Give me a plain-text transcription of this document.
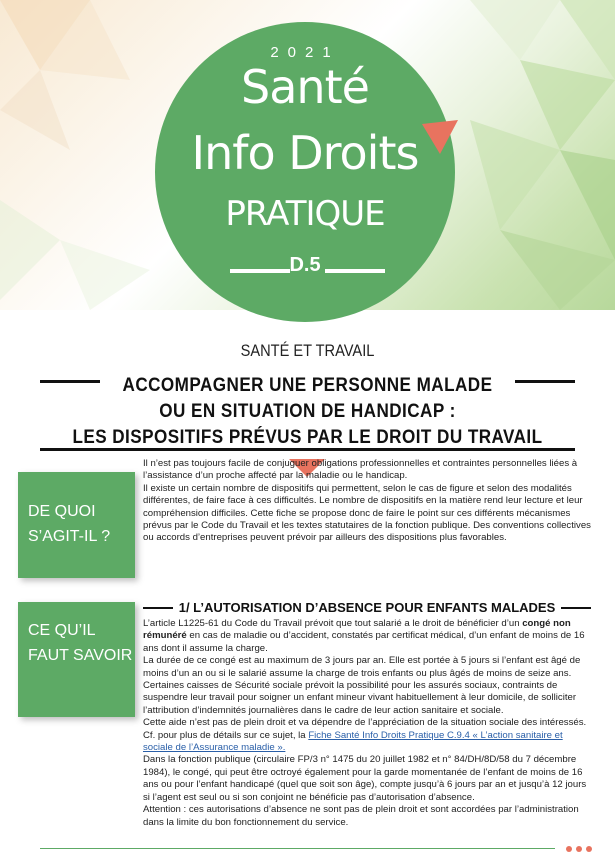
2021
Santé
Info Droits
PRATIQUE
D.5
SANTÉ ET TRAVAIL
ACCOMPAGNER UNE PERSONNE MALADE
OU EN SITUATION DE HANDICAP :
LES DISPOSITIFS PRÉVUS PAR LE DROIT DU TRAVAIL
DE QUOI
S’AGIT-IL ?

Il n’est pas toujours facile de conjuguer obligations professionnelles et contraintes personnelles liées à l’assistance d’un proche affecté par la maladie ou le handicap.

Il existe un certain nombre de dispositifs qui permettent, selon le cas de figure et selon des modalités différentes, de faire face à ces difficultés. Le nombre de dispositifs en la matière rend leur lecture et leur compréhension difficiles. Cette fiche se propose donc de faire le point sur ces différents mécanismes prévus par le Code du Travail et les textes statutaires de la fonction publique. Des conventions collectives ou accords d’entreprises peuvent prévoir par ailleurs des dispositions plus favorables.

CE QU’IL
FAUT SAVOIR
1/ L’AUTORISATION D’ABSENCE POUR ENFANTS MALADES

L’article L1225-61 du Code du Travail prévoit que tout salarié a le droit de bénéficier d’un congé non rémunéré en cas de maladie ou d’accident, constatés par certificat médical, d’un enfant de moins de 16 ans dont il assume la charge.

La durée de ce congé est au maximum de 3 jours par an. Elle est portée à 5 jours si l’enfant est âgé de moins d’un an ou si le salarié assume la charge de trois enfants ou plus âgés de moins de seize ans.

Certaines caisses de Sécurité sociale prévoit la possibilité pour les assurés sociaux, contraints de suspendre leur travail pour soigner un enfant mineur vivant habituellement à leur domicile, de solliciter l’attribution d’indemnités journalières dans le cadre de leur action sanitaire et sociale.

Cette aide n’est pas de plein droit et va dépendre de l’appréciation de la situation sociale des intéressés.

Cf. pour plus de détails sur ce sujet, la Fiche Santé Info Droits Pratique C.9.4 « L’action sanitaire et sociale de l’Assurance maladie ».

Dans la fonction publique (circulaire FP/3 n° 1475 du 20 juillet 1982 et n° 84/DH/8D/58 du 7 décembre 1984), le congé, qui peut être octroyé également pour la garde momentanée de l’enfant de moins de 16 ans ou pour l’enfant handicapé (quel que soit son âge), compte jusqu’à 6 jours par an et jusqu’à 12 jours si l’agent est seul ou si son conjoint ne bénéficie pas d’autorisation d’absence.

Attention : ces autorisations d’absence ne sont pas de plein droit et sont accordées par l’administration dans la limite du bon fonctionnement du service.
